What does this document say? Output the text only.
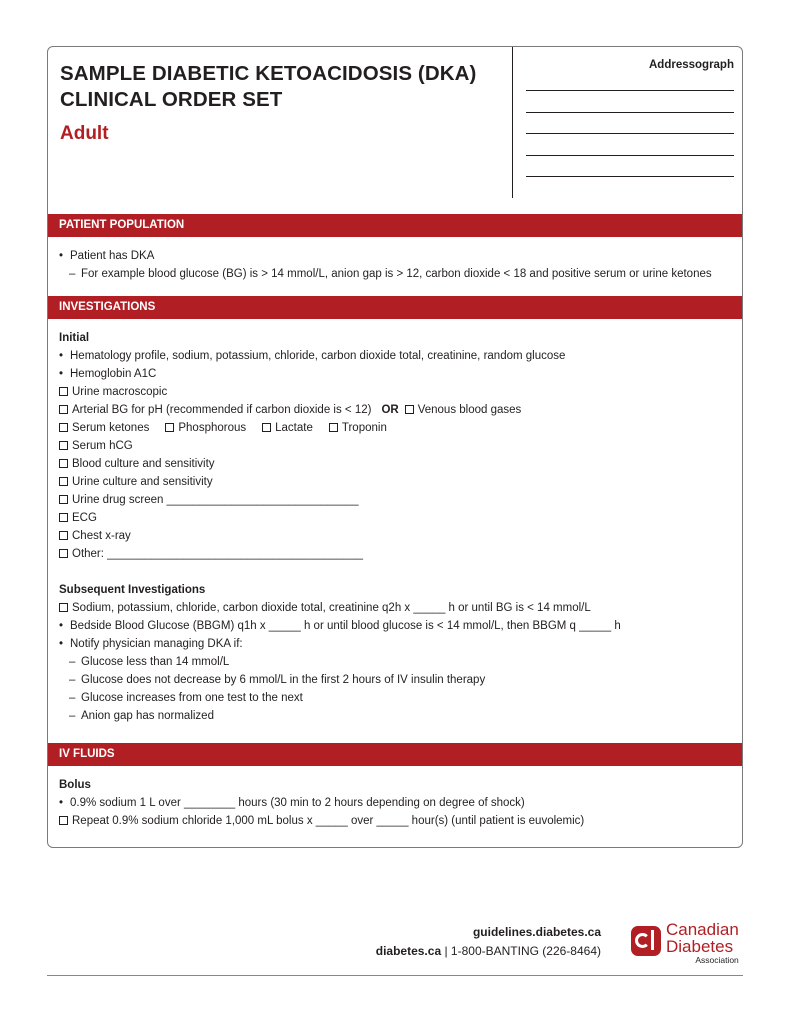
SAMPLE DIABETIC KETOACIDOSIS (DKA)
CLINICAL ORDER SET
Adult
Addressograph
PATIENT POPULATION
• Patient has DKA
– For example blood glucose (BG) is > 14 mmol/L, anion gap is > 12, carbon dioxide < 18 and positive serum or urine ketones
INVESTIGATIONS
Initial
• Hematology profile, sodium, potassium, chloride, carbon dioxide total, creatinine, random glucose
• Hemoglobin A1C
Urine macroscopic
Arterial BG for pH (recommended if carbon dioxide is < 12) OR Venous blood gases
Serum ketones	Phosphorous	Lactate	Troponin
Serum hCG
Blood culture and sensitivity
Urine culture and sensitivity
Urine drug screen ______________________________
ECG
Chest x-ray
Other: ________________________________________
Subsequent Investigations
Sodium, potassium, chloride, carbon dioxide total, creatinine q2h x _____ h or until BG is < 14 mmol/L
• Bedside Blood Glucose (BBGM) q1h x _____ h or until blood glucose is < 14 mmol/L, then BBGM q _____ h
• Notify physician managing DKA if:
– Glucose less than 14 mmol/L
– Glucose does not decrease by 6 mmol/L in the first 2 hours of IV insulin therapy
– Glucose increases from one test to the next
– Anion gap has normalized
IV FLUIDS
Bolus
• 0.9% sodium 1 L over ________ hours (30 min to 2 hours depending on degree of shock)
Repeat 0.9% sodium chloride 1,000 mL bolus x _____ over _____ hour(s) (until patient is euvolemic)
guidelines.diabetes.ca
diabetes.ca | 1-800-BANTING (226-8464)
Canadian
Diabetes
Association
